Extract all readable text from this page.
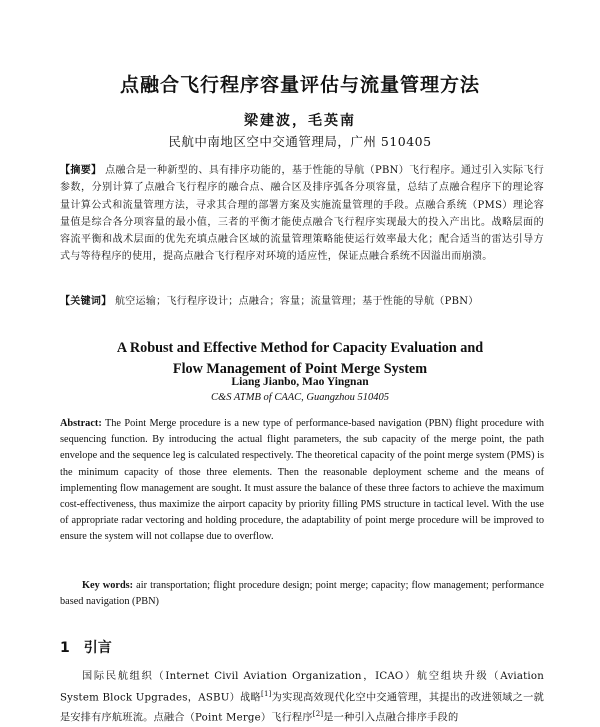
点融合飞行程序容量评估与流量管理方法
梁建波，毛英南
民航中南地区空中交通管理局，广州 510405
【摘要】 点融合是一种新型的、具有排序功能的，基于性能的导航（PBN）飞行程序。通过引入实际飞行参数，分别计算了点融合飞行程序的融合点、融合区及排序弧各分项容量，总结了点融合程序下的理论容量计算公式和流量管理方法，寻求其合理的部署方案及实施流量管理的手段。点融合系统（PMS）理论容量值是综合各分项容量的最小值，三者的平衡才能使点融合飞行程序实现最大的投入产出比。战略层面的容流平衡和战术层面的优先充填点融合区域的流量管理策略能使运行效率最大化；配合适当的雷达引导方式与等待程序的使用，提高点融合飞行程序对环境的适应性，保证点融合系统不因溢出而崩溃。
【关键词】 航空运输；飞行程序设计；点融合；容量；流量管理；基于性能的导航（PBN）
A Robust and Effective Method for Capacity Evaluation and
Flow Management of Point Merge System
Liang Jianbo, Mao Yingnan
C&S ATMB of CAAC, Guangzhou 510405
Abstract: The Point Merge procedure is a new type of performance-based navigation (PBN) flight procedure with sequencing function. By introducing the actual flight parameters, the sub capacity of the merge point, the path envelope and the sequence leg is calculated respectively. The theoretical capacity of the point merge system (PMS) is the minimum capacity of those three elements. Then the reasonable deployment scheme and the means of implementing flow management are sought. It must assure the balance of these three factors to achieve the maximum cost-effectiveness, thus maximize the airport capacity by priority filling PMS structure in tactical level. With the use of appropriate radar vectoring and holding procedure, the adaptability of point merge procedure will be improved to ensure the system will not collapse due to overflow.
Key words: air transportation; flight procedure design; point merge; capacity; flow management; performance based navigation (PBN)
1 引言
国际民航组织（Internet Civil Aviation Organization，ICAO）航空组块升级（Aviation System Block Upgrades，ASBU）战略[1]为实现高效现代化空中交通管理，其提出的改进领域之一就是安排有序航班流。点融合（Point Merge）飞行程序[2]是一种引入点融合排序手段的
